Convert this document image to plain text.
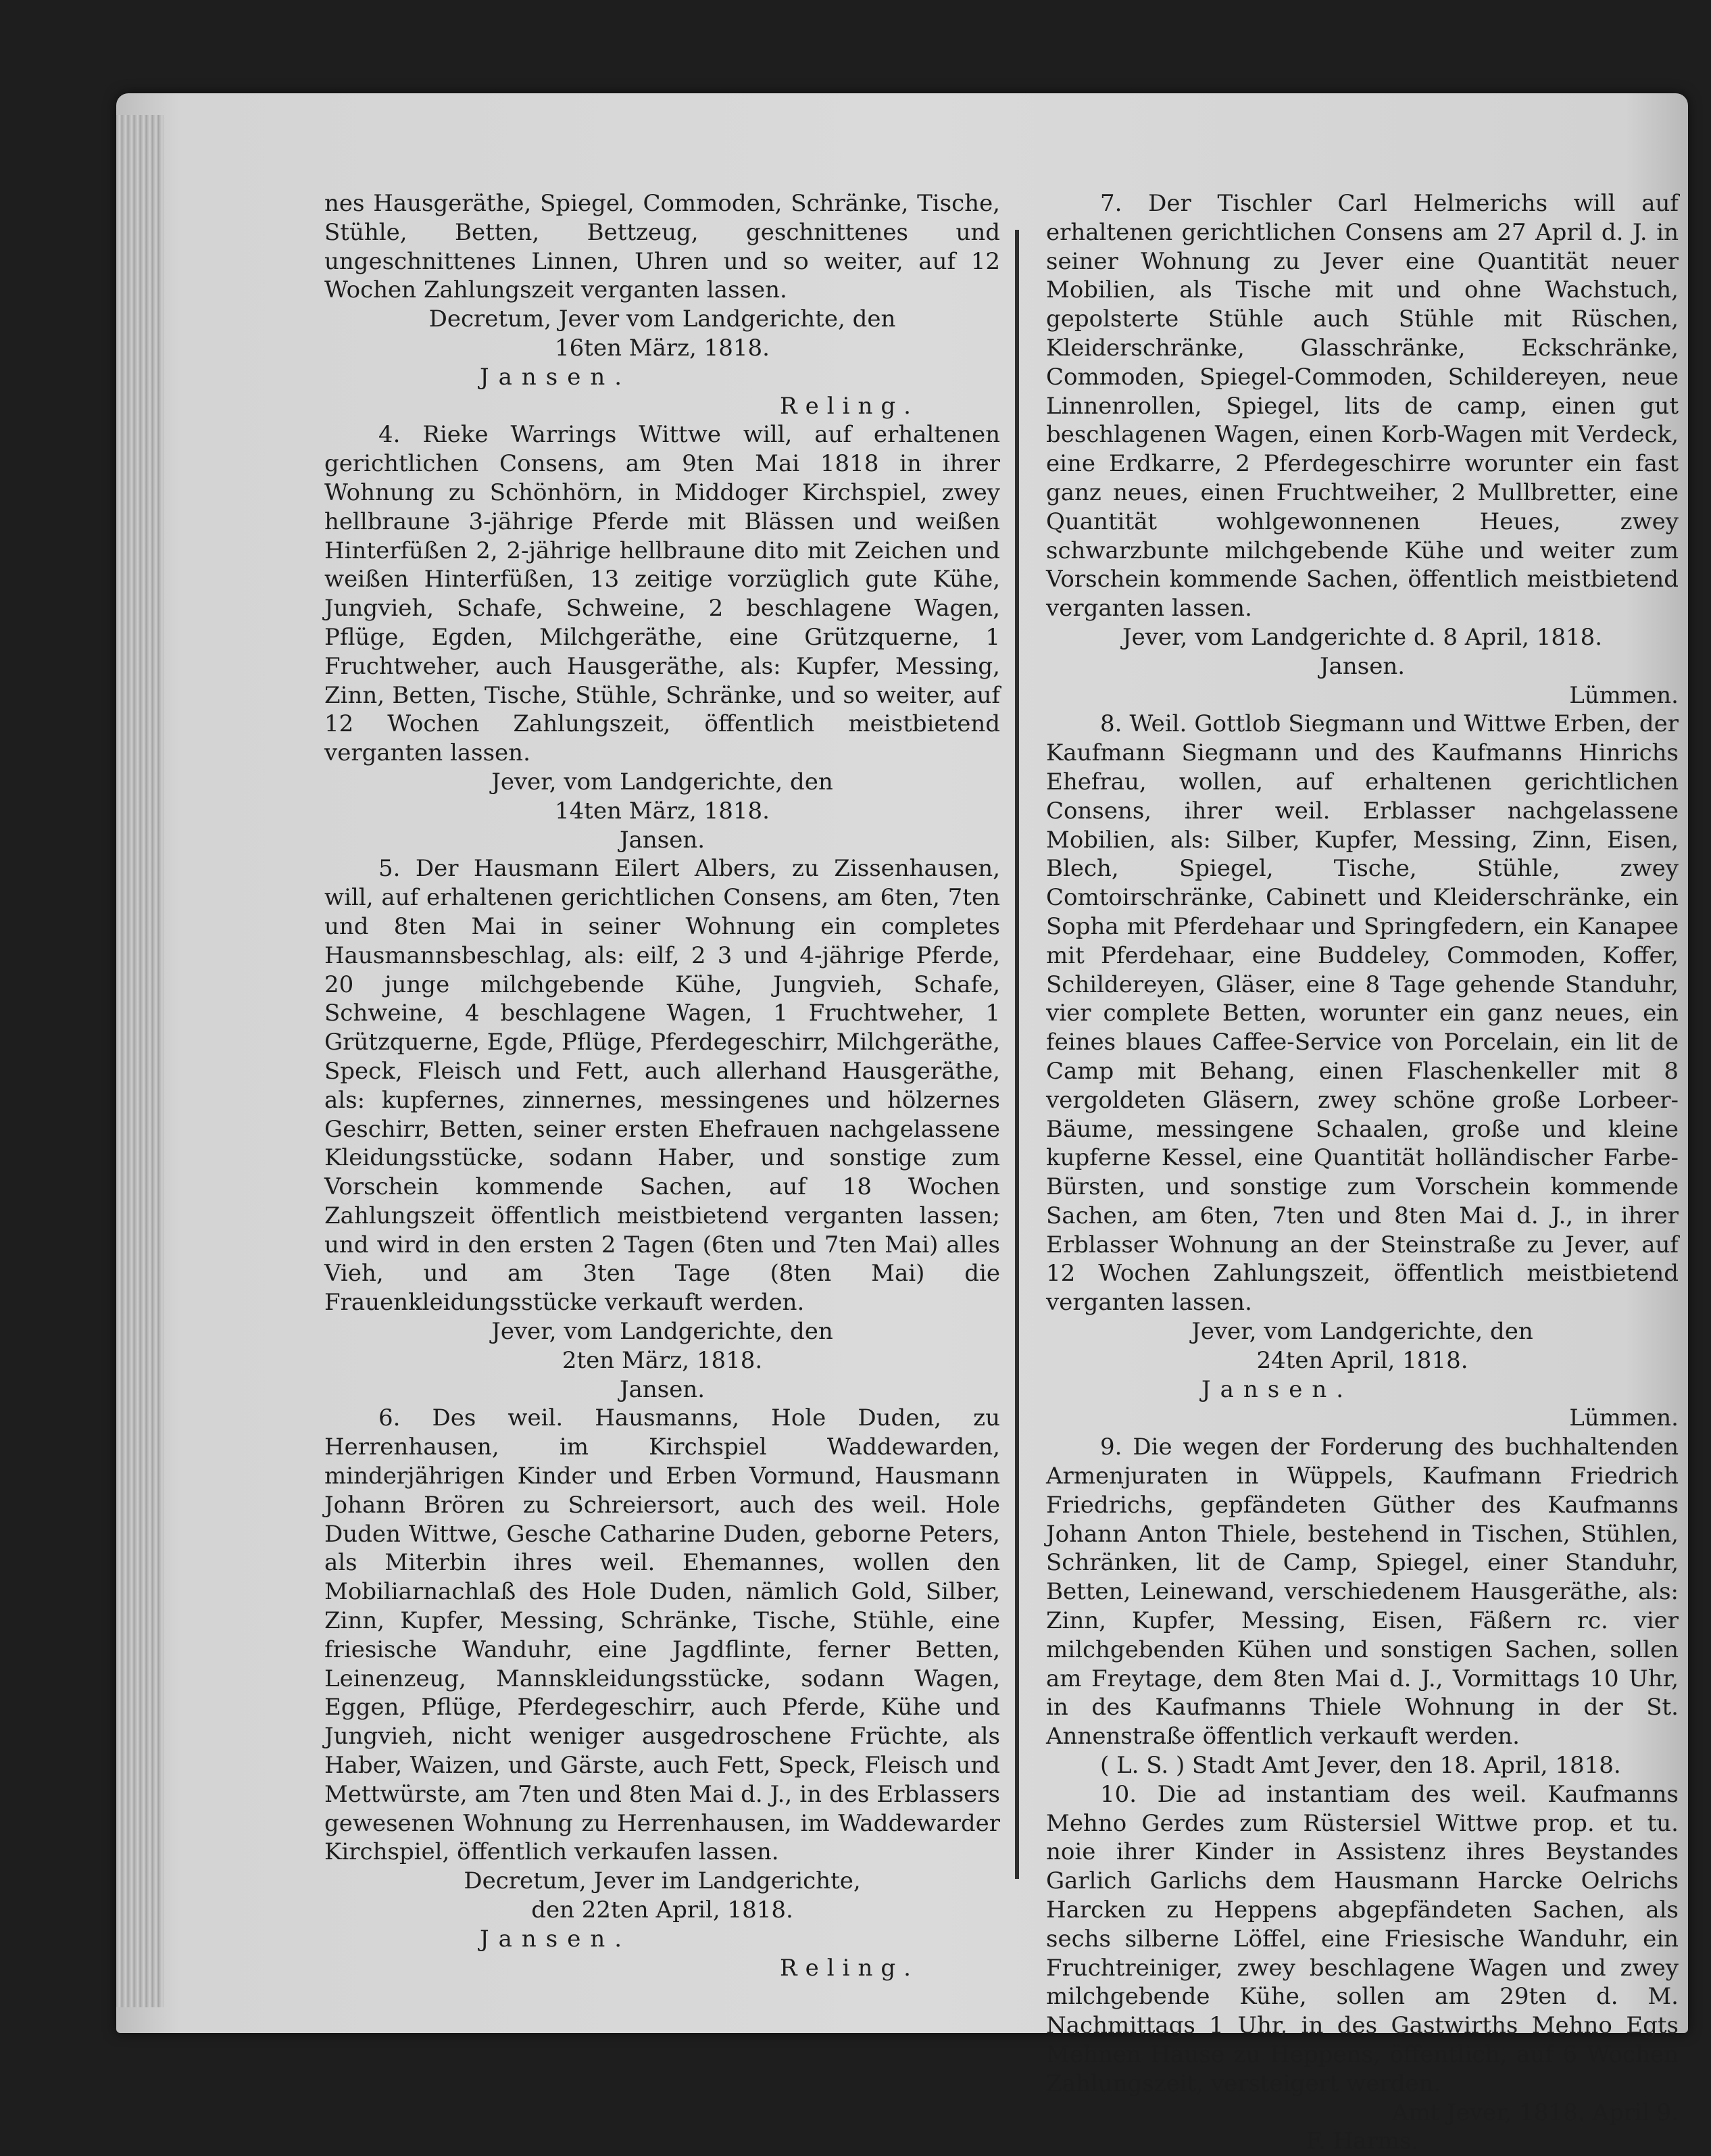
nes Hausgeräthe, Spiegel, Commoden, Schränke, Tische, Stühle, Betten, Bettzeug, geschnittenes und ungeschnittenes Linnen, Uhren und so weiter, auf 12 Wochen Zahlungszeit verganten lassen.

Decretum, Jever vom Landgerichte, den

16ten März, 1818.

Jansen.

Reling.

4. Rieke Warrings Wittwe will, auf erhaltenen gerichtlichen Consens, am 9ten Mai 1818 in ihrer Wohnung zu Schönhörn, in Middoger Kirchspiel, zwey hellbraune 3-jährige Pferde mit Blässen und weißen Hinterfüßen 2, 2-jährige hellbraune dito mit Zeichen und weißen Hinterfüßen, 13 zeitige vorzüglich gute Kühe, Jungvieh, Schafe, Schweine, 2 beschlagene Wagen, Pflüge, Egden, Milchgeräthe, eine Grützquerne, 1 Fruchtweher, auch Hausgeräthe, als: Kupfer, Messing, Zinn, Betten, Tische, Stühle, Schränke, und so weiter, auf 12 Wochen Zahlungszeit, öffentlich meistbietend verganten lassen.

Jever, vom Landgerichte, den

14ten März, 1818.

Jansen.

5. Der Hausmann Eilert Albers, zu Zissenhausen, will, auf erhaltenen gerichtlichen Consens, am 6ten, 7ten und 8ten Mai in seiner Wohnung ein completes Hausmannsbeschlag, als: eilf, 2 3 und 4-jährige Pferde, 20 junge milchgebende Kühe, Jungvieh, Schafe, Schweine, 4 beschlagene Wagen, 1 Fruchtweher, 1 Grützquerne, Egde, Pflüge, Pferdegeschirr, Milchgeräthe, Speck, Fleisch und Fett, auch allerhand Hausgeräthe, als: kupfernes, zinnernes, messingenes und hölzernes Geschirr, Betten, seiner ersten Ehefrauen nachgelassene Kleidungsstücke, sodann Haber, und sonstige zum Vorschein kommende Sachen, auf 18 Wochen Zahlungszeit öffentlich meistbietend verganten lassen; und wird in den ersten 2 Tagen (6ten und 7ten Mai) alles Vieh, und am 3ten Tage (8ten Mai) die Frauenkleidungsstücke verkauft werden.

Jever, vom Landgerichte, den

2ten März, 1818.

Jansen.

6. Des weil. Hausmanns, Hole Duden, zu Herrenhausen, im Kirchspiel Waddewarden, minderjährigen Kinder und Erben Vormund, Hausmann Johann Brören zu Schreiersort, auch des weil. Hole Duden Wittwe, Gesche Catharine Duden, geborne Peters, als Miterbin ihres weil. Ehemannes, wollen den Mobiliarnachlaß des Hole Duden, nämlich Gold, Silber, Zinn, Kupfer, Messing, Schränke, Tische, Stühle, eine friesische Wanduhr, eine Jagdflinte, ferner Betten, Leinenzeug, Mannskleidungsstücke, sodann Wagen, Eggen, Pflüge, Pferdegeschirr, auch Pferde, Kühe und Jungvieh, nicht weniger ausgedroschene Früchte, als Haber, Waizen, und Gärste, auch Fett, Speck, Fleisch und Mettwürste, am 7ten und 8ten Mai d. J., in des Erblassers gewesenen Wohnung zu Herrenhausen, im Waddewarder Kirchspiel, öffentlich verkaufen lassen.

Decretum, Jever im Landgerichte,

den 22ten April, 1818.

Jansen.

Reling.

7. Der Tischler Carl Helmerichs will auf erhaltenen gerichtlichen Consens am 27 April d. J. in seiner Wohnung zu Jever eine Quantität neuer Mobilien, als Tische mit und ohne Wachstuch, gepolsterte Stühle auch Stühle mit Rüschen, Kleiderschränke, Glasschränke, Eckschränke, Commoden, Spiegel-Commoden, Schildereyen, neue Linnenrollen, Spiegel, lits de camp, einen gut beschlagenen Wagen, einen Korb-Wagen mit Verdeck, eine Erdkarre, 2 Pferdegeschirre worunter ein fast ganz neues, einen Fruchtweiher, 2 Mullbretter, eine Quantität wohlgewonnenen Heues, zwey schwarzbunte milchgebende Kühe und weiter zum Vorschein kommende Sachen, öffentlich meistbietend verganten lassen.

Jever, vom Landgerichte d. 8 April, 1818.

Jansen.

Lümmen.

8. Weil. Gottlob Siegmann und Wittwe Erben, der Kaufmann Siegmann und des Kaufmanns Hinrichs Ehefrau, wollen, auf erhaltenen gerichtlichen Consens, ihrer weil. Erblasser nachgelassene Mobilien, als: Silber, Kupfer, Messing, Zinn, Eisen, Blech, Spiegel, Tische, Stühle, zwey Comtoirschränke, Cabinett und Kleiderschränke, ein Sopha mit Pferdehaar und Springfedern, ein Kanapee mit Pferdehaar, eine Buddeley, Commoden, Koffer, Schildereyen, Gläser, eine 8 Tage gehende Standuhr, vier complete Betten, worunter ein ganz neues, ein feines blaues Caffee-Service von Porcelain, ein lit de Camp mit Behang, einen Flaschenkeller mit 8 vergoldeten Gläsern, zwey schöne große Lorbeer-Bäume, messingene Schaalen, große und kleine kupferne Kessel, eine Quantität holländischer Farbe-Bürsten, und sonstige zum Vorschein kommende Sachen, am 6ten, 7ten und 8ten Mai d. J., in ihrer Erblasser Wohnung an der Steinstraße zu Jever, auf 12 Wochen Zahlungszeit, öffentlich meistbietend verganten lassen.

Jever, vom Landgerichte, den

24ten April, 1818.

Jansen.

Lümmen.

9. Die wegen der Forderung des buchhaltenden Armenjuraten in Wüppels, Kaufmann Friedrich Friedrichs, gepfändeten Güther des Kaufmanns Johann Anton Thiele, bestehend in Tischen, Stühlen, Schränken, lit de Camp, Spiegel, einer Standuhr, Betten, Leinewand, verschiedenem Hausgeräthe, als: Zinn, Kupfer, Messing, Eisen, Fäßern rc. vier milchgebenden Kühen und sonstigen Sachen, sollen am Freytage, dem 8ten Mai d. J., Vormittags 10 Uhr, in des Kaufmanns Thiele Wohnung in der St. Annenstraße öffentlich verkauft werden.

( L. S. ) Stadt Amt Jever, den 18. April, 1818.

10. Die ad instantiam des weil. Kaufmanns Mehno Gerdes zum Rüstersiel Wittwe prop. et tu. noie ihrer Kinder in Assistenz ihres Beystandes Garlich Garlichs dem Hausmann Harcke Oelrichs Harcken zu Heppens abgepfändeten Sachen, als sechs silberne Löffel, eine Friesische Wanduhr, ein Fruchtreiniger, zwey beschlagene Wagen und zwey milchgebende Kühe, sollen am 29ten d. M. Nachmittags 1 Uhr, in des Gastwirths Mehno Egts Mehnen Hause zu Heppens, öffentlich, auf 6 Wochen Zahlungszeit, versteigert werden.

Amt Jever, 1818. April 9.

F. Harms.
